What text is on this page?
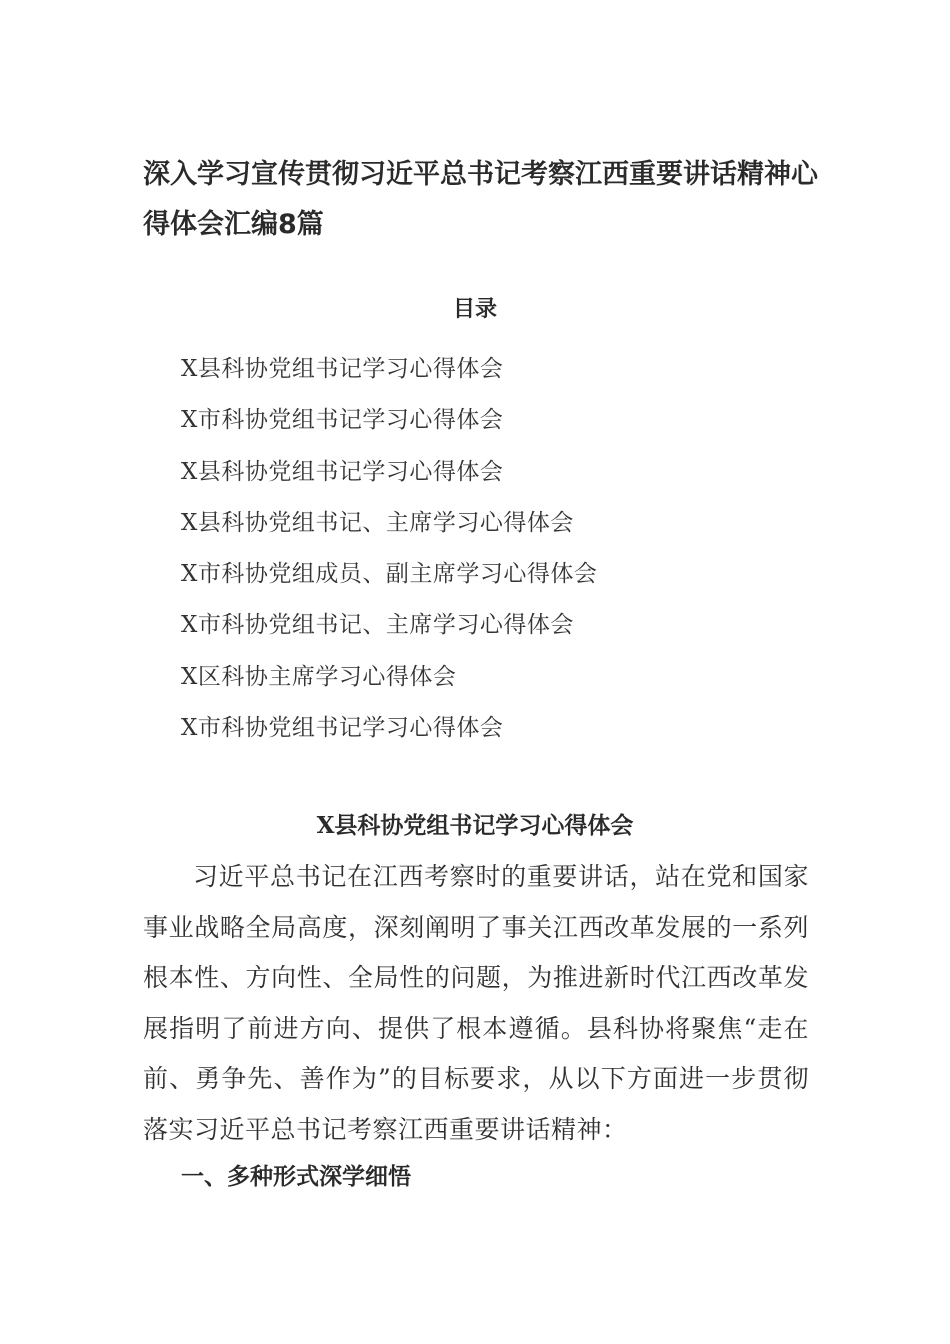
深入学习宣传贯彻习近平总书记考察江西重要讲话精神心得体会汇编8篇
目录
X县科协党组书记学习心得体会
X市科协党组书记学习心得体会
X县科协党组书记学习心得体会
X县科协党组书记、主席学习心得体会
X市科协党组成员、副主席学习心得体会
X市科协党组书记、主席学习心得体会
X区科协主席学习心得体会
X市科协党组书记学习心得体会
X县科协党组书记学习心得体会

习近平总书记在江西考察时的重要讲话，站在党和国家事业战略全局高度，深刻阐明了事关江西改革发展的一系列根本性、方向性、全局性的问题，为推进新时代江西改革发展指明了前进方向、提供了根本遵循。县科协将聚焦“走在前、勇争先、善作为”的目标要求，从以下方面进一步贯彻落实习近平总书记考察江西重要讲话精神：

一、多种形式深学细悟
